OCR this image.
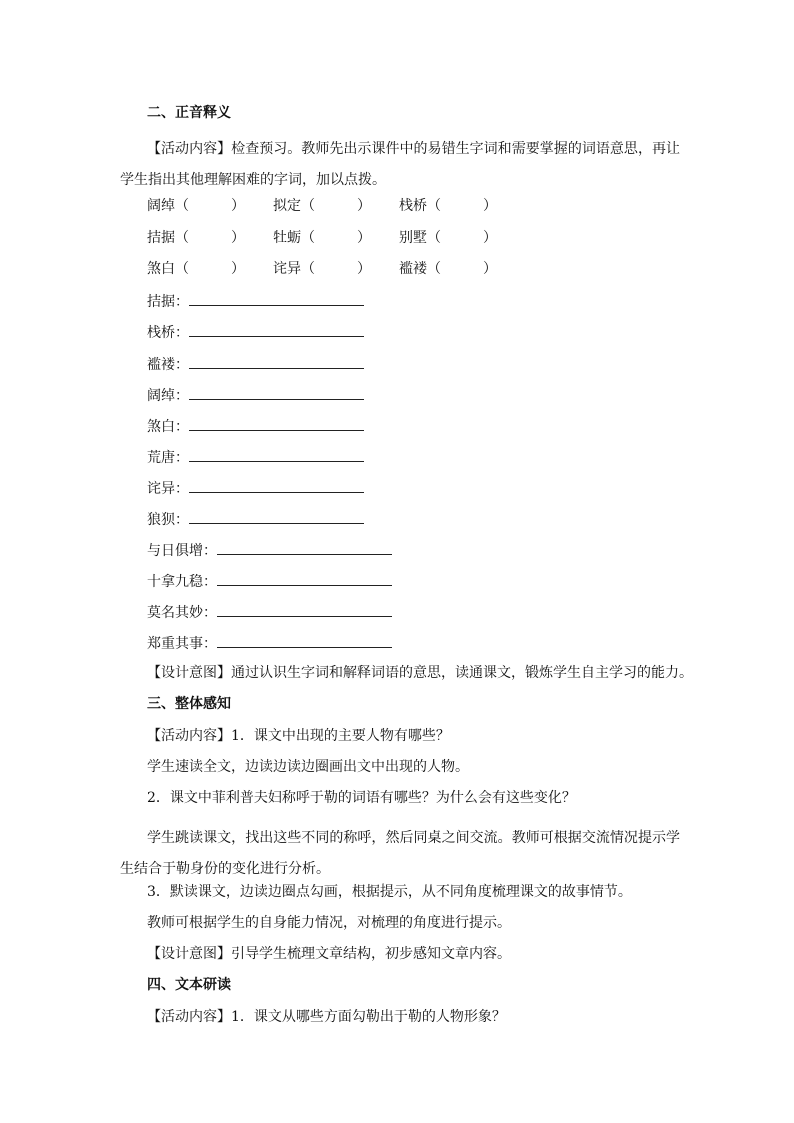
二、正音释义
【活动内容】检查预习。教师先出示课件中的易错生字词和需要掌握的词语意思，再让学生指出其他理解困难的字词，加以点拨。
阔绰（　　　） 拟定（　　　） 栈桥（　　　）
拮据（　　　） 牡蛎（　　　） 别墅（　　　）
煞白（　　　） 诧异（　　　） 褴褛（　　　）
拮据：
栈桥：
褴褛：
阔绰：
煞白：
荒唐：
诧异：
狼狈：
与日俱增：
十拿九稳：
莫名其妙：
郑重其事：
【设计意图】通过认识生字词和解释词语的意思，读通课文，锻炼学生自主学习的能力。
三、整体感知
【活动内容】1．课文中出现的主要人物有哪些？
学生速读全文，边读边读边圈画出文中出现的人物。
2．课文中菲利普夫妇称呼于勒的词语有哪些？为什么会有这些变化？
学生跳读课文，找出这些不同的称呼，然后同桌之间交流。教师可根据交流情况提示学生结合于勒身份的变化进行分析。
3．默读课文，边读边圈点勾画，根据提示，从不同角度梳理课文的故事情节。
教师可根据学生的自身能力情况，对梳理的角度进行提示。
【设计意图】引导学生梳理文章结构，初步感知文章内容。
四、文本研读
【活动内容】1．课文从哪些方面勾勒出于勒的人物形象？
